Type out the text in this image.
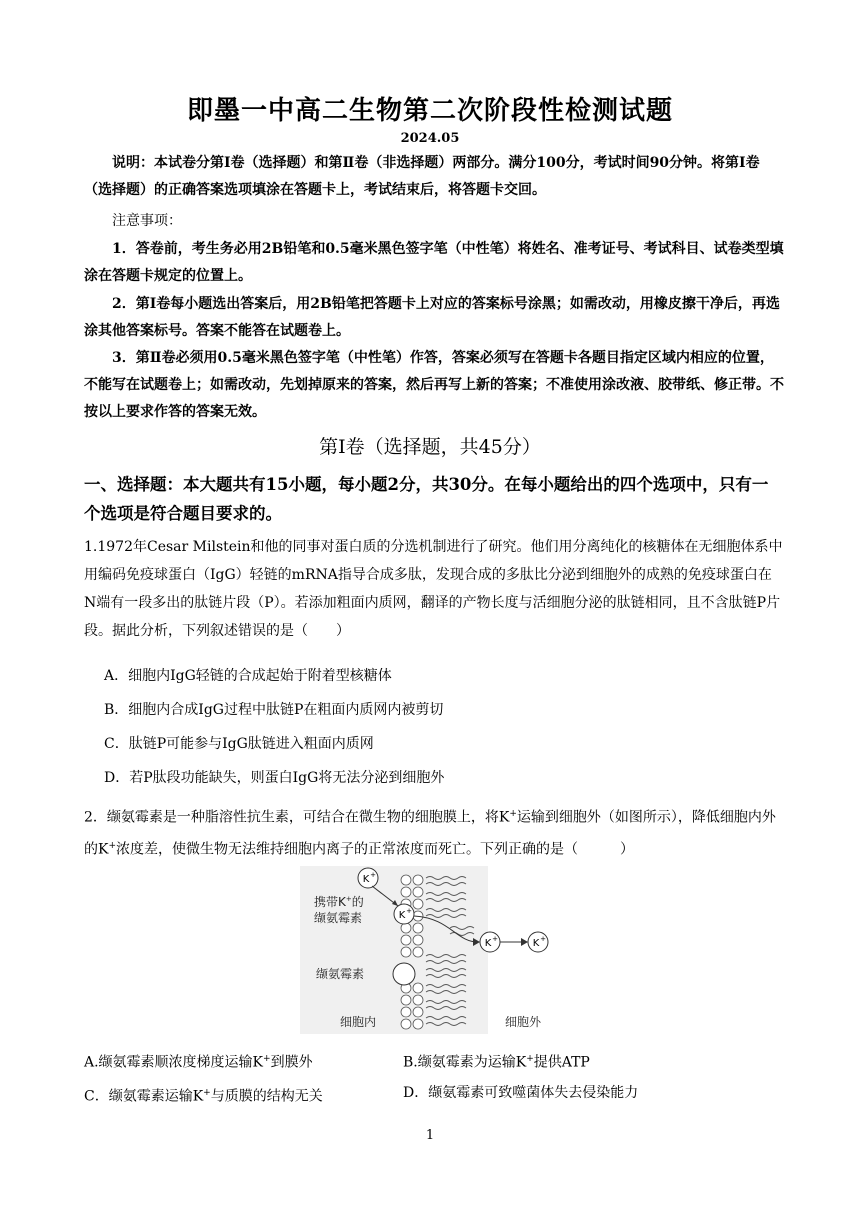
即墨一中高二生物第二次阶段性检测试题
2024.05
说明：本试卷分第Ⅰ卷（选择题）和第Ⅱ卷（非选择题）两部分。满分100分，考试时间90分钟。将第Ⅰ卷（选择题）的正确答案选项填涂在答题卡上，考试结束后，将答题卡交回。
注意事项：
1．答卷前，考生务必用2B铅笔和0.5毫米黑色签字笔（中性笔）将姓名、准考证号、考试科目、试卷类型填涂在答题卡规定的位置上。
2．第Ⅰ卷每小题选出答案后，用2B铅笔把答题卡上对应的答案标号涂黑；如需改动，用橡皮擦干净后，再选涂其他答案标号。答案不能答在试题卷上。
3．第Ⅱ卷必须用0.5毫米黑色签字笔（中性笔）作答，答案必须写在答题卡各题目指定区域内相应的位置，不能写在试题卷上；如需改动，先划掉原来的答案，然后再写上新的答案；不准使用涂改液、胶带纸、修正带。不按以上要求作答的答案无效。
第Ⅰ卷（选择题，共45分）
一、选择题：本大题共有15小题，每小题2分，共30分。在每小题给出的四个选项中，只有一个选项是符合题目要求的。
1.1972年Cesar Milstein和他的同事对蛋白质的分选机制进行了研究。他们用分离纯化的核糖体在无细胞体系中用编码免疫球蛋白（IgG）轻链的mRNA指导合成多肽，发现合成的多肽比分泌到细胞外的成熟的免疫球蛋白在N端有一段多出的肽链片段（P）。若添加粗面内质网，翻译的产物长度与活细胞分泌的肽链相同，且不含肽链P片段。据此分析，下列叙述错误的是（　　）
A．细胞内IgG轻链的合成起始于附着型核糖体
B．细胞内合成IgG过程中肽链P在粗面内质网内被剪切
C．肽链P可能参与IgG肽链进入粗面内质网
D．若P肽段功能缺失，则蛋白IgG将无法分泌到细胞外
2．缬氨霉素是一种脂溶性抗生素，可结合在微生物的细胞膜上，将K+运输到细胞外（如图所示），降低细胞内外的K+浓度差，使微生物无法维持细胞内离子的正常浓度而死亡。下列正确的是（　　　）
K +
K +
K +	K +
携带K+的
缬氨霉素
缬氨霉素
细胞内	细胞外
A.缬氨霉素顺浓度梯度运输K+到膜外	B.缬氨霉素为运输K+提供ATP
C．缬氨霉素运输K+与质膜的结构无关	D．缬氨霉素可致噬菌体失去侵染能力
1
